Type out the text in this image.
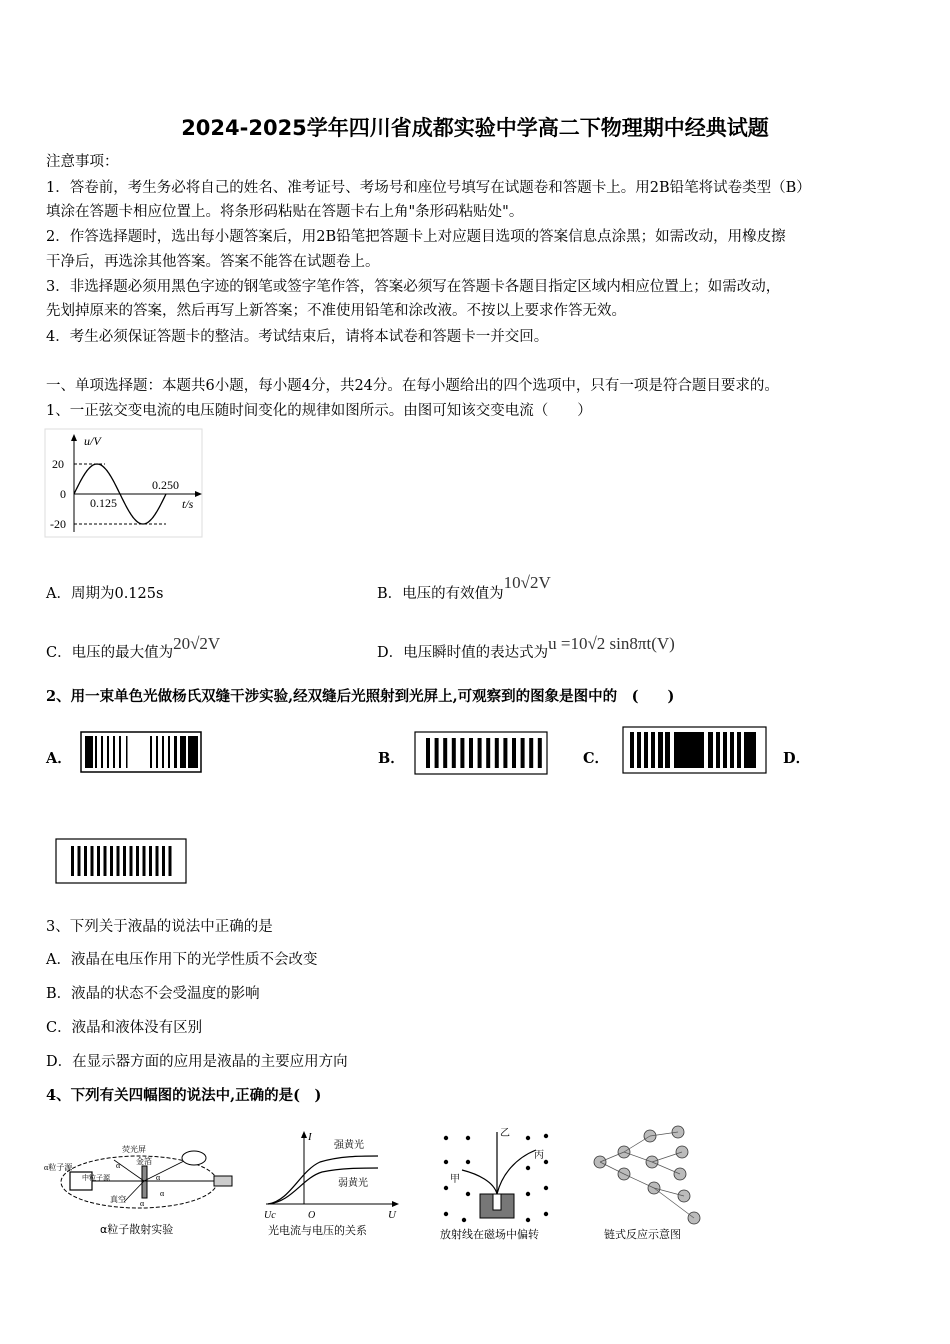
2024-2025学年四川省成都实验中学高二下物理期中经典试题
注意事项：
1．答卷前，考生务必将自己的姓名、准考证号、考场号和座位号填写在试题卷和答题卡上。用2B铅笔将试卷类型（B）
填涂在答题卡相应位置上。将条形码粘贴在答题卡右上角"条形码粘贴处"。
2．作答选择题时，选出每小题答案后，用2B铅笔把答题卡上对应题目选项的答案信息点涂黑；如需改动，用橡皮擦
干净后，再选涂其他答案。答案不能答在试题卷上。
3．非选择题必须用黑色字迹的钢笔或签字笔作答，答案必须写在答题卡各题目指定区域内相应位置上；如需改动，
先划掉原来的答案，然后再写上新答案；不准使用铅笔和涂改液。不按以上要求作答无效。
4．考生必须保证答题卡的整洁。考试结束后，请将本试卷和答题卡一并交回。
一、单项选择题：本题共6小题，每小题4分，共24分。在每小题给出的四个选项中，只有一项是符合题目要求的。
1、一正弦交变电流的电压随时间变化的规律如图所示。由图可知该交变电流（　　）
u/V
20
0
-20
0.125
0.250
t/s
A．周期为0.125s	B．电压的有效值为10√2V
C．电压的最大值为20√2V	D．电压瞬时值的表达式为u =10√2 sin8πt(V)
2、用一束单色光做杨氏双缝干涉实验,经双缝后光照射到光屏上,可观察到的图象是图中的　(　　)
A．	B．	C．	D．
3、下列关于液晶的说法中正确的是
A．液晶在电压作用下的光学性质不会改变
B．液晶的状态不会受温度的影响
C．液晶和液体没有区别
D．在显示器方面的应用是液晶的主要应用方向
4、下列有关四幅图的说法中,正确的是(　)
荧光屏
α粒子源
金箔
α
中粒子源	α
真空 α
α
α粒子散射实验
I
强黄光
弱黄光
Uc	O	U
光电流与电压的关系
甲
乙
丙
放射线在磁场中偏转	链式反应示意图
